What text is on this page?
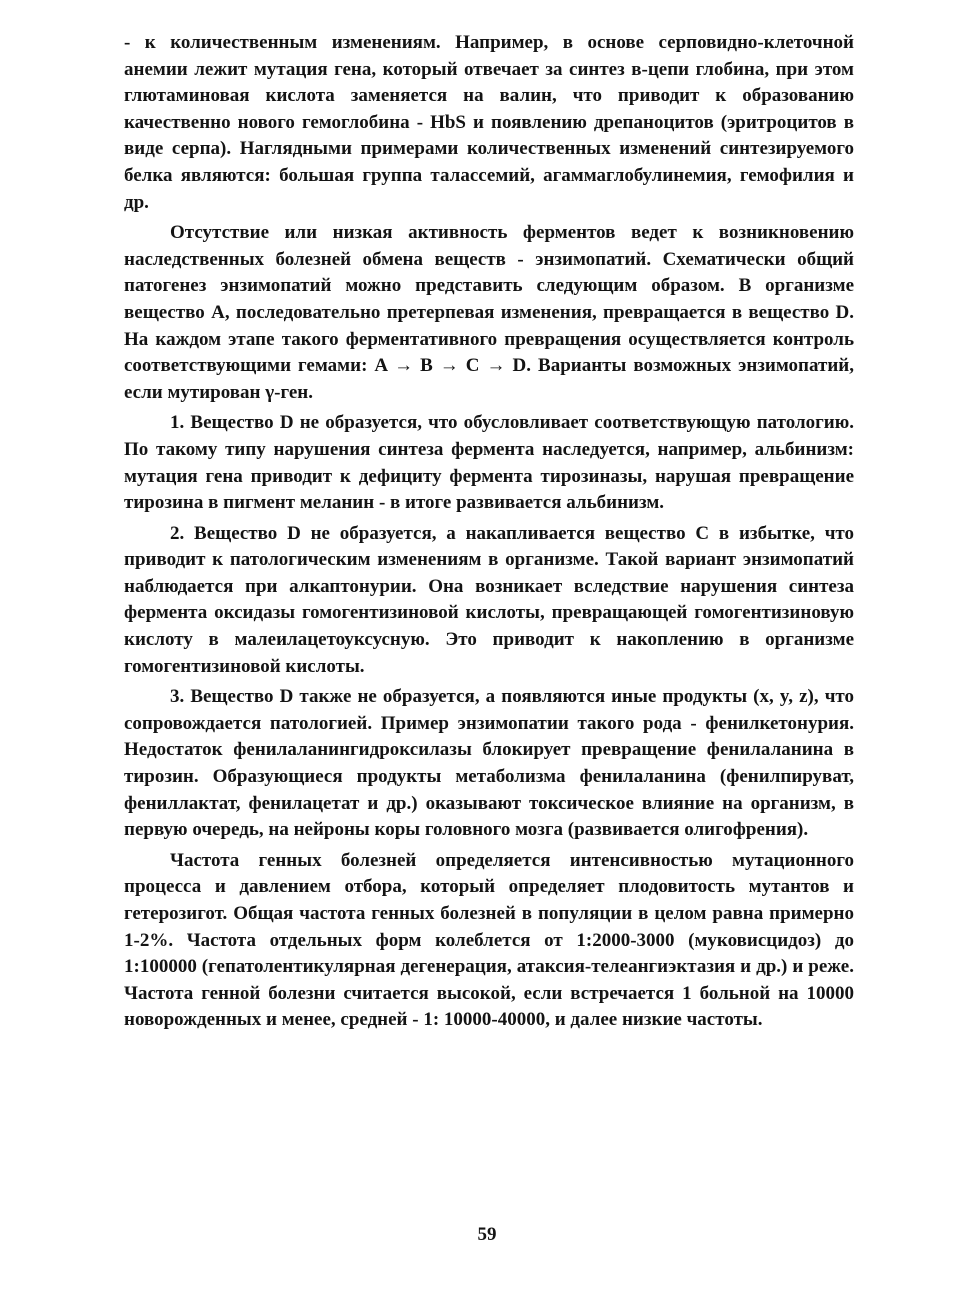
- к количественным изменениям. Например, в основе серповидно-клеточной анемии лежит мутация гена, который отвечает за синтез в-цепи глобина, при этом глютаминовая кислота заменяется на валин, что приводит к образованию качественно нового гемоглобина - HbS и появлению дрепаноцитов (эритроцитов в виде серпа). Наглядными примерами количественных изменений синтезируемого белка являются: большая группа талассемий, агаммаглобулинемия, гемофилия и др.

Отсутствие или низкая активность ферментов ведет к возникновению наследственных болезней обмена веществ - энзимопатий. Схематически общий патогенез энзимопатий можно представить следующим образом. В организме вещество А, последовательно претерпевая изменения, превращается в вещество D. На каждом этапе такого ферментативного превращения осуществляется контроль соответствующими гемами: A → B → C → D. Варианты возможных энзимопатий, если мутирован γ-ген.

1. Вещество D не образуется, что обусловливает соответствующую патологию. По такому типу нарушения синтеза фермента наследуется, например, альбинизм: мутация гена приводит к дефициту фермента тирозиназы, нарушая превращение тирозина в пигмент меланин - в итоге развивается альбинизм.

2. Вещество D не образуется, а накапливается вещество C в избытке, что приводит к патологическим изменениям в организме. Такой вариант энзимопатий наблюдается при алкаптонурии. Она возникает вследствие нарушения синтеза фермента оксидазы гомогентизиновой кислоты, превращающей гомогентизиновую кислоту в малеилацетоуксусную. Это приводит к накоплению в организме гомогентизиновой кислоты.

3. Вещество D также не образуется, а появляются иные продукты (x, y, z), что сопровождается патологией. Пример энзимопатии такого рода - фенилкетонурия. Недостаток фенилаланингидроксилазы блокирует превращение фенилаланина в тирозин. Образующиеся продукты метаболизма фенилаланина (фенилпируват, фениллактат, фенилацетат и др.) оказывают токсическое влияние на организм, в первую очередь, на нейроны коры головного мозга (развивается олигофрения).

Частота генных болезней определяется интенсивностью мутационного процесса и давлением отбора, который определяет плодовитость мутантов и гетерозигот. Общая частота генных болезней в популяции в целом равна примерно 1-2%. Частота отдельных форм колеблется от 1:2000-3000 (муковисцидоз) до 1:100000 (гепатолентикулярная дегенерация, атаксия-телеангиэктазия и др.) и реже. Частота генной болезни считается высокой, если встречается 1 больной на 10000 новорожденных и менее, средней - 1: 10000-40000, и далее низкие частоты.

59
